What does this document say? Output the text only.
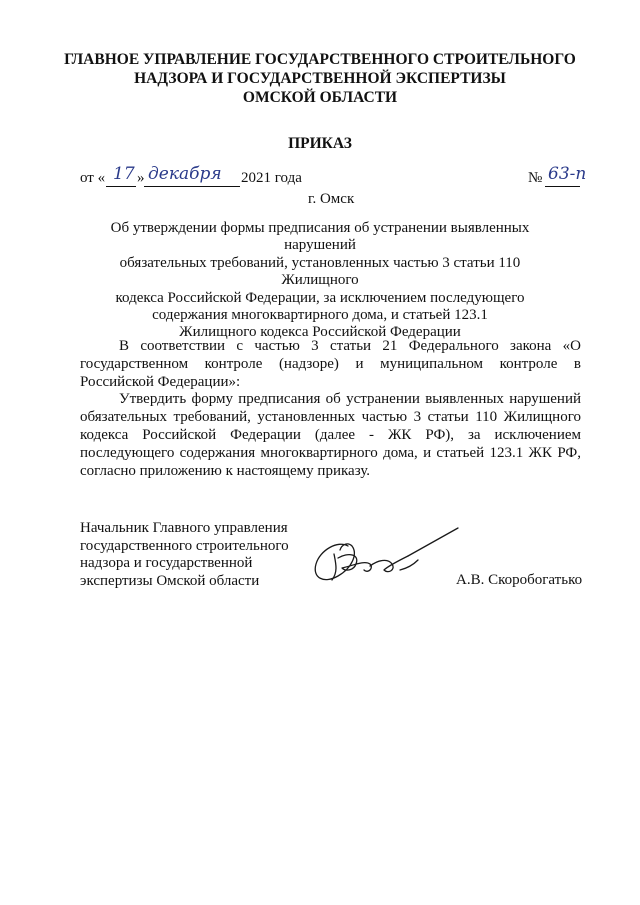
ГЛАВНОЕ УПРАВЛЕНИЕ ГОСУДАРСТВЕННОГО СТРОИТЕЛЬНОГО
НАДЗОРА И ГОСУДАРСТВЕННОЙ ЭКСПЕРТИЗЫ
ОМСКОЙ ОБЛАСТИ
ПРИКАЗ
от « 17 » декабря 2021 года	№ 63-п
г. Омск
Об утверждении формы предписания об устранении выявленных нарушений
обязательных требований, установленных частью 3 статьи 110 Жилищного
кодекса Российской Федерации, за исключением последующего
содержания многоквартирного дома, и статьей 123.1
Жилищного кодекса Российской Федерации

В соответствии с частью 3 статьи 21 Федерального закона «О государственном контроле (надзоре) и муниципальном контроле в Российской Федерации»:

Утвердить форму предписания об устранении выявленных нарушений обязательных требований, установленных частью 3 статьи 110 Жилищного кодекса Российской Федерации (далее - ЖК РФ), за исключением последующего содержания многоквартирного дома, и статьей 123.1 ЖК РФ, согласно приложению к настоящему приказу.

Начальник Главного управления
государственного строительного
надзора и государственной
экспертизы Омской области	А.В. Скоробогатько
